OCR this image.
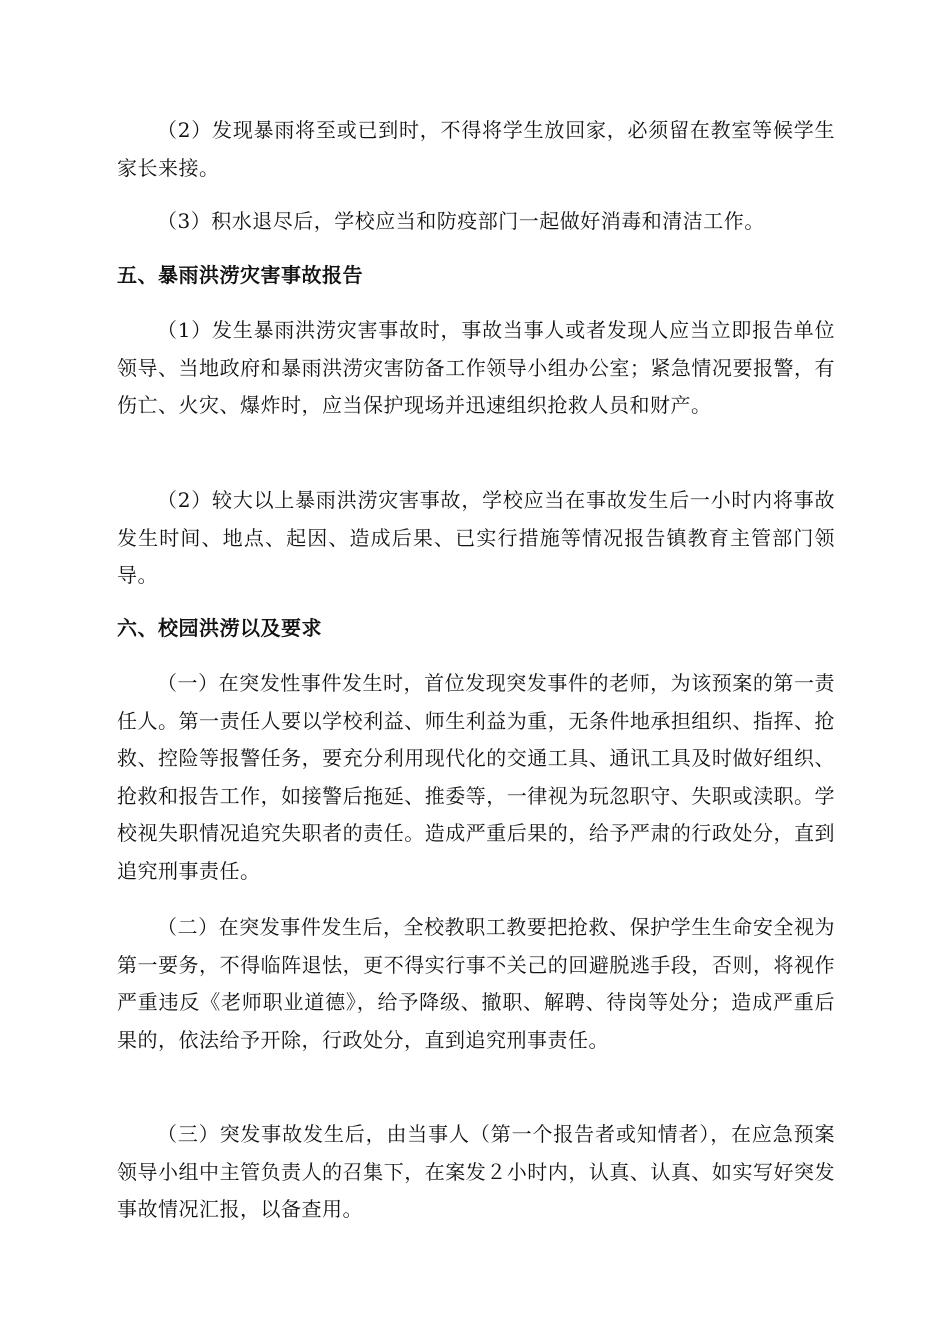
（2）发现暴雨将至或已到时，不得将学生放回家，必须留在教室等候学生家长来接。

（3）积水退尽后，学校应当和防疫部门一起做好消毒和清洁工作。

五、暴雨洪涝灾害事故报告

（1）发生暴雨洪涝灾害事故时，事故当事人或者发现人应当立即报告单位领导、当地政府和暴雨洪涝灾害防备工作领导小组办公室；紧急情况要报警，有伤亡、火灾、爆炸时，应当保护现场并迅速组织抢救人员和财产。

（2）较大以上暴雨洪涝灾害事故，学校应当在事故发生后一小时内将事故发生时间、地点、起因、造成后果、已实行措施等情况报告镇教育主管部门领导。

六、校园洪涝以及要求

（一）在突发性事件发生时，首位发现突发事件的老师，为该预案的第一责任人。第一责任人要以学校利益、师生利益为重，无条件地承担组织、指挥、抢救、控险等报警任务，要充分利用现代化的交通工具、通讯工具及时做好组织、抢救和报告工作，如接警后拖延、推委等，一律视为玩忽职守、失职或渎职。学校视失职情况追究失职者的责任。造成严重后果的，给予严肃的行政处分，直到追究刑事责任。

（二）在突发事件发生后，全校教职工教要把抢救、保护学生生命安全视为第一要务，不得临阵退怯，更不得实行事不关己的回避脱逃手段，否则，将视作严重违反《老师职业道德》，给予降级、撤职、解聘、待岗等处分；造成严重后果的，依法给予开除，行政处分，直到追究刑事责任。

（三）突发事故发生后，由当事人（第一个报告者或知情者），在应急预案领导小组中主管负责人的召集下，在案发２小时内，认真、认真、如实写好突发事故情况汇报，以备查用。
